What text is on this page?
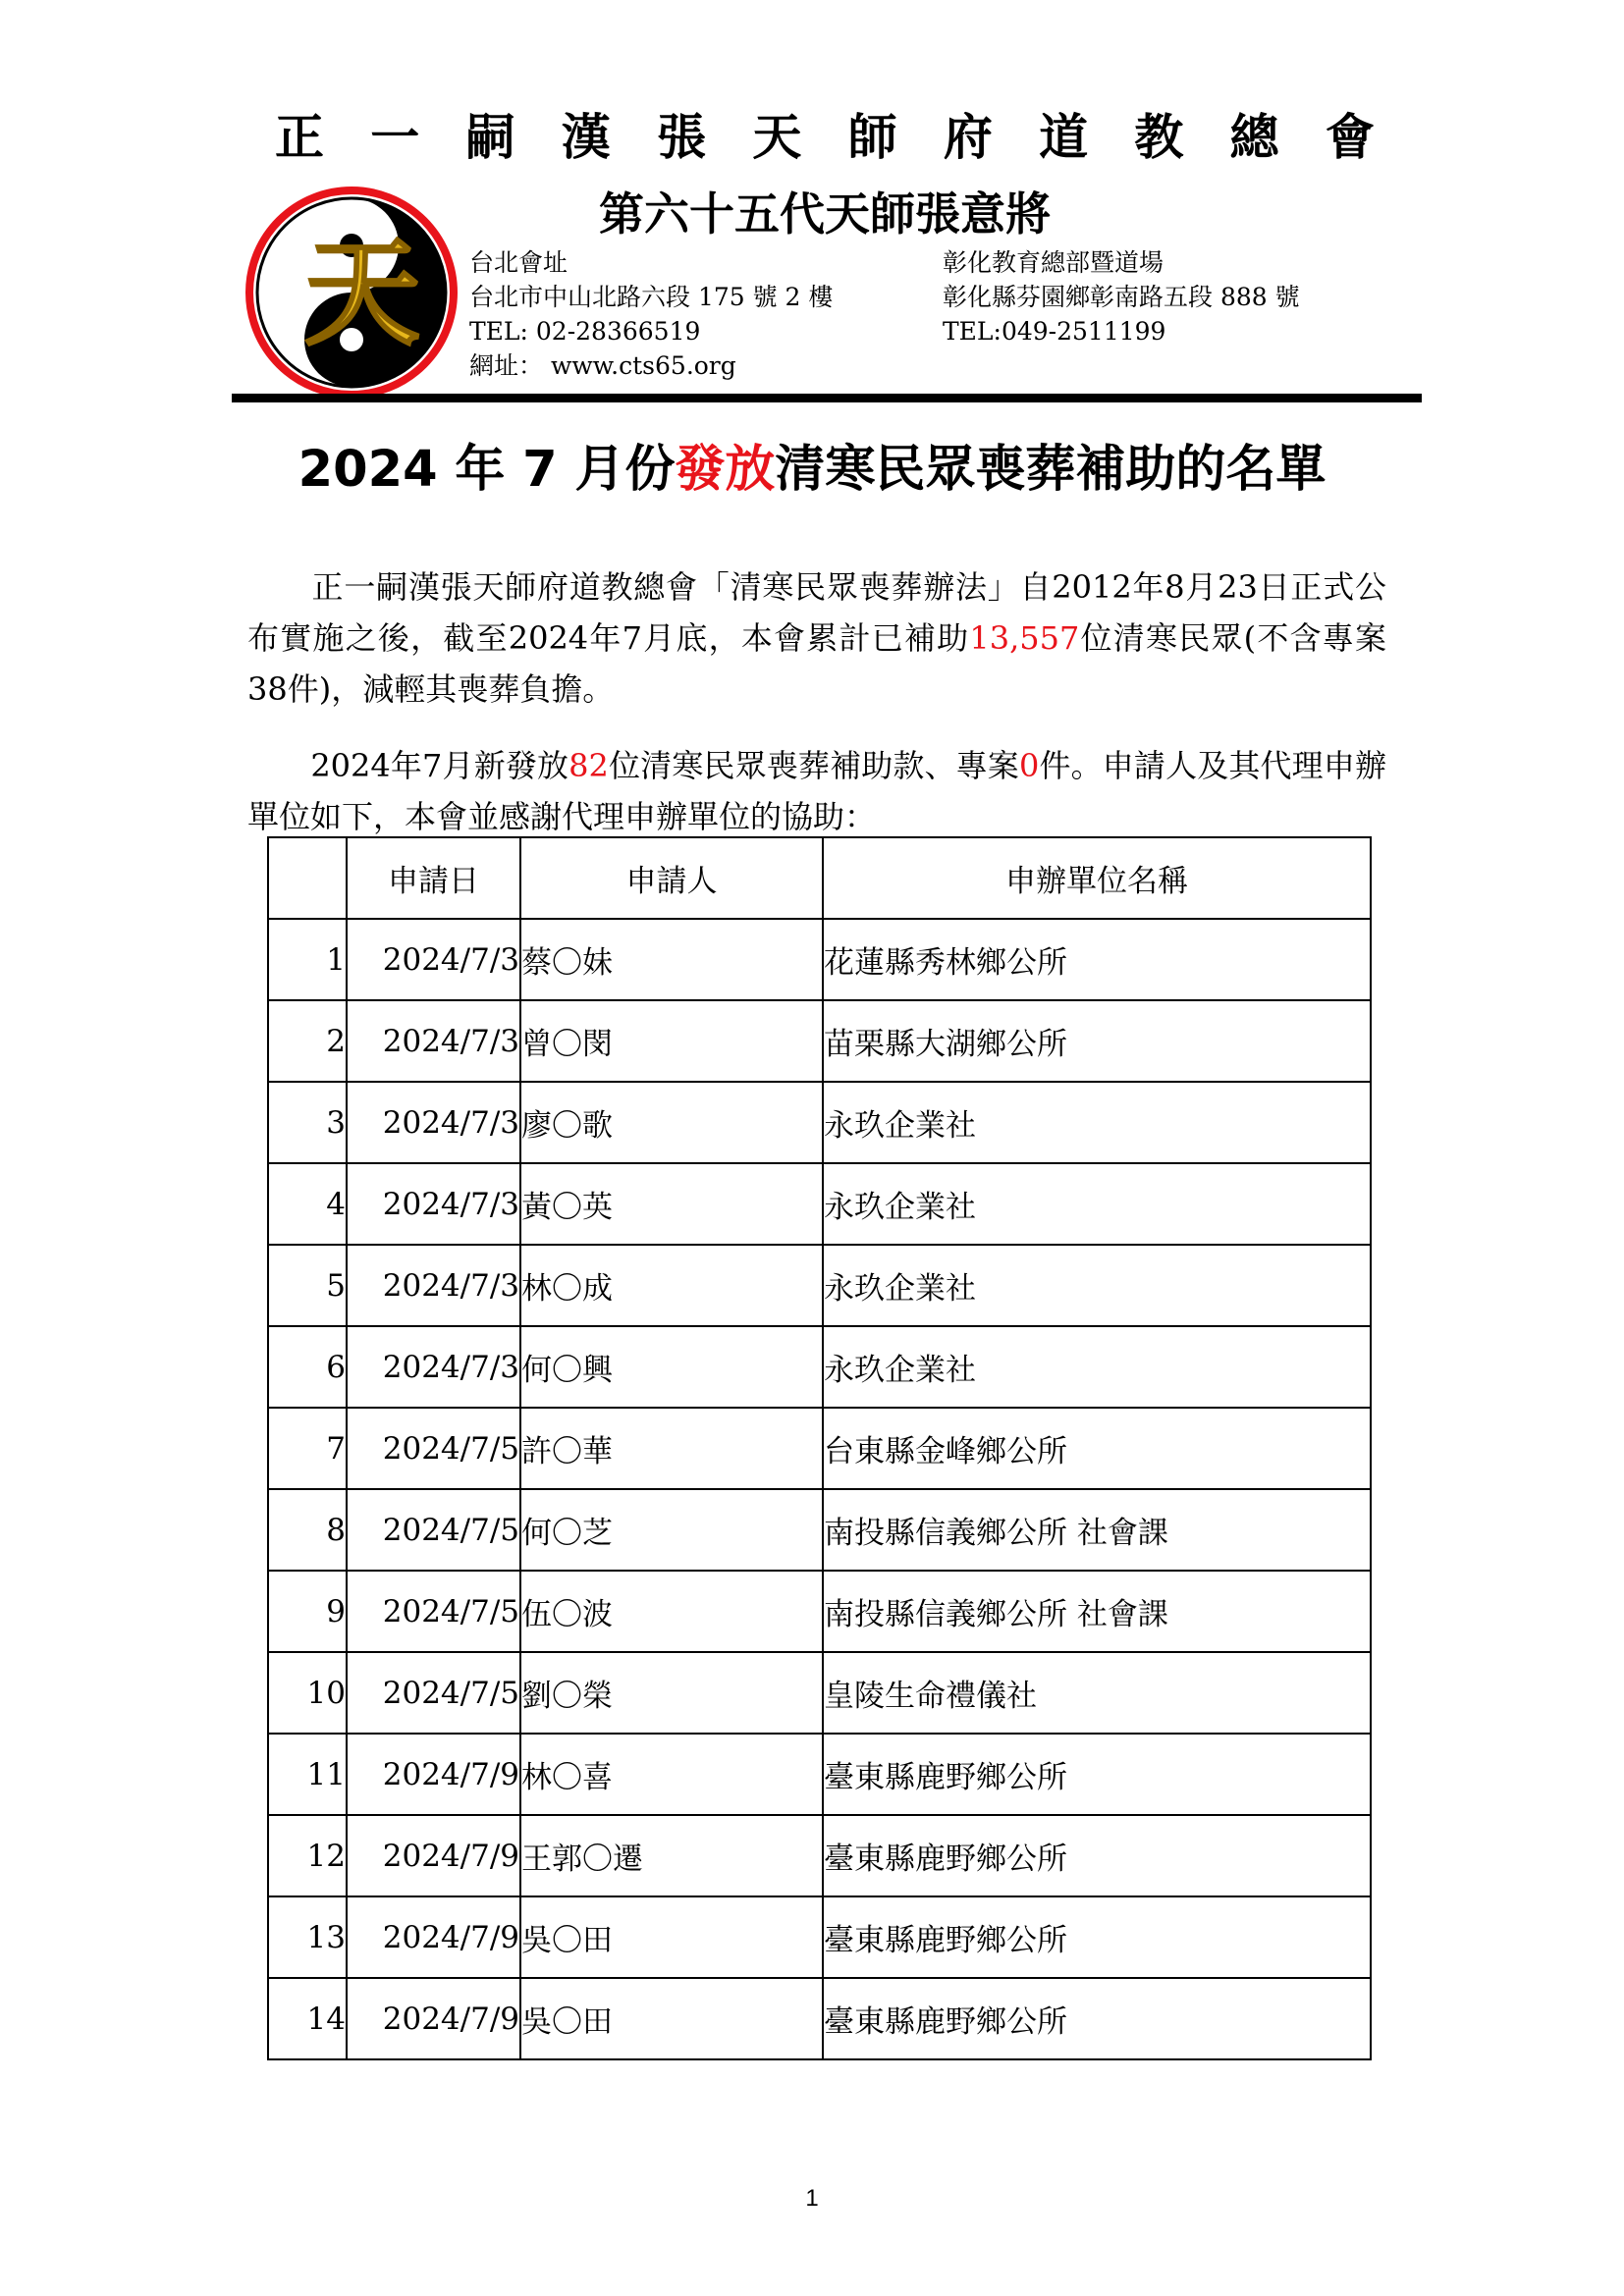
正 一 嗣 漢 張 天 師 府 道 教 總 會
天
第六十五代天師張意將
台北會址
台北市中山北路六段 175 號 2 樓
TEL: 02-28366519
網址： www.cts65.org
彰化教育總部暨道場
彰化縣芬園鄉彰南路五段 888 號
TEL:049-2511199
2024 年 7 月份發放清寒民眾喪葬補助的名單
　　正一嗣漢張天師府道教總會「清寒民眾喪葬辦法」自2012年8月23日正式公布實施之後，截至2024年7月底，本會累計已補助13,557位清寒民眾(不含專案38件)，減輕其喪葬負擔。
　　2024年7月新發放82位清寒民眾喪葬補助款、專案0件。申請人及其代理申辦單位如下，本會並感謝代理申辦單位的協助：
	申請日	申請人	申辦單位名稱
1	2024/7/3	蔡〇妹	花蓮縣秀林鄉公所
2	2024/7/3	曾〇閔	苗栗縣大湖鄉公所
3	2024/7/3	廖〇歌	永玖企業社
4	2024/7/3	黃〇英	永玖企業社
5	2024/7/3	林〇成	永玖企業社
6	2024/7/3	何〇興	永玖企業社
7	2024/7/5	許〇華	台東縣金峰鄉公所
8	2024/7/5	何〇芝	南投縣信義鄉公所 社會課
9	2024/7/5	伍〇波	南投縣信義鄉公所 社會課
10	2024/7/5	劉〇榮	皇陵生命禮儀社
11	2024/7/9	林〇喜	臺東縣鹿野鄉公所
12	2024/7/9	王郭〇遷	臺東縣鹿野鄉公所
13	2024/7/9	吳〇田	臺東縣鹿野鄉公所
14	2024/7/9	吳〇田	臺東縣鹿野鄉公所
1
